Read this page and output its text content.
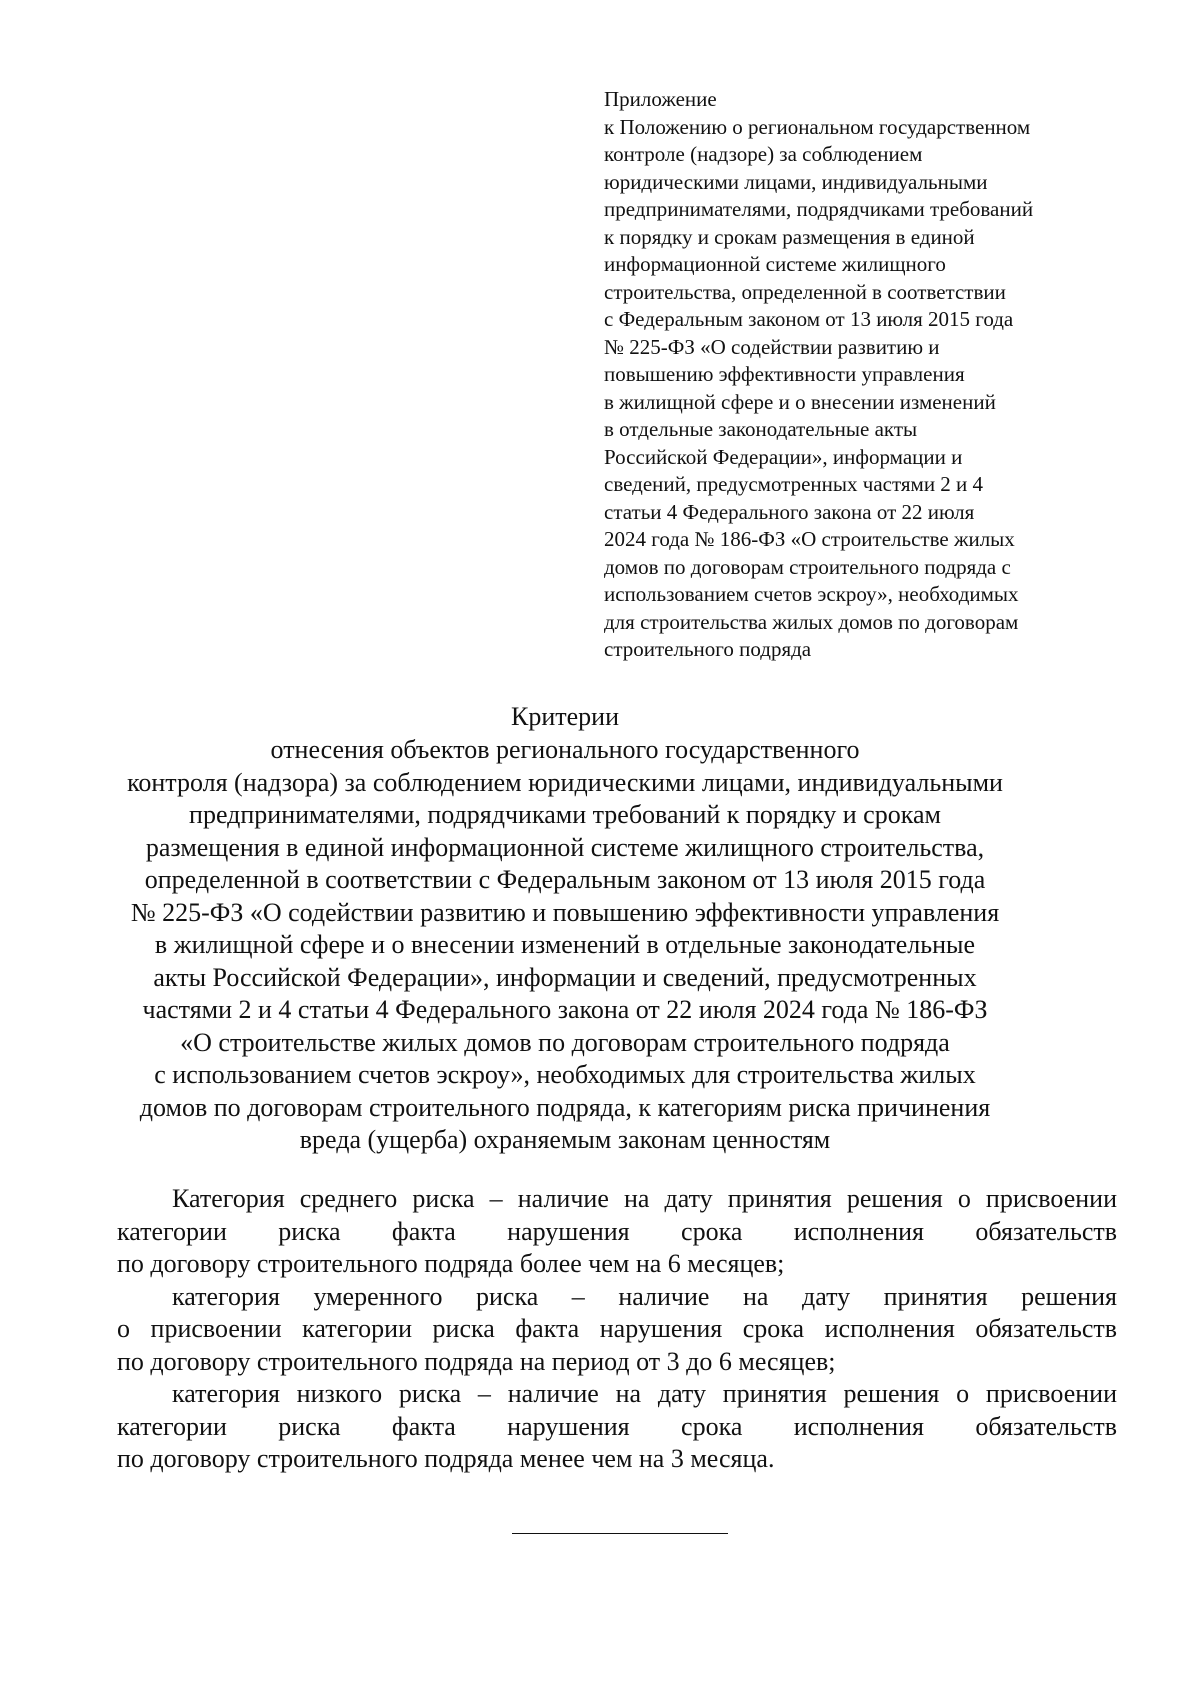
Приложение
к Положению о региональном государственном
контроле (надзоре) за соблюдением
юридическими лицами, индивидуальными
предпринимателями, подрядчиками требований
к порядку и срокам размещения в единой
информационной системе жилищного
строительства, определенной в соответствии
с Федеральным законом от 13 июля 2015 года
№ 225-ФЗ «О содействии развитию и
повышению эффективности управления
в жилищной сфере и о внесении изменений
в отдельные законодательные акты
Российской Федерации», информации и
сведений, предусмотренных частями 2 и 4
статьи 4 Федерального закона от 22 июля
2024 года № 186-ФЗ «О строительстве жилых
домов по договорам строительного подряда с
использованием счетов эскроу», необходимых
для строительства жилых домов по договорам
строительного подряда
Критерии
отнесения объектов регионального государственного
контроля (надзора) за соблюдением юридическими лицами, индивидуальными
предпринимателями, подрядчиками требований к порядку и срокам
размещения в единой информационной системе жилищного строительства,
определенной в соответствии с Федеральным законом от 13 июля 2015 года
№ 225-ФЗ «О содействии развитию и повышению эффективности управления
в жилищной сфере и о внесении изменений в отдельные законодательные
акты Российской Федерации», информации и сведений, предусмотренных
частями 2 и 4 статьи 4 Федерального закона от 22 июля 2024 года № 186-ФЗ
«О строительстве жилых домов по договорам строительного подряда
с использованием счетов эскроу», необходимых для строительства жилых
домов по договорам строительного подряда, к категориям риска причинения
вреда (ущерба) охраняемым законам ценностям
Категория среднего риска – наличие на дату принятия решения о присвоении
категории риска факта нарушения срока исполнения обязательств
по договору строительного подряда более чем на 6 месяцев;
категория умеренного риска – наличие на дату принятия решения
о присвоении категории риска факта нарушения срока исполнения обязательств
по договору строительного подряда на период от 3 до 6 месяцев;
категория низкого риска – наличие на дату принятия решения о присвоении
категории риска факта нарушения срока исполнения обязательств
по договору строительного подряда менее чем на 3 месяца.
